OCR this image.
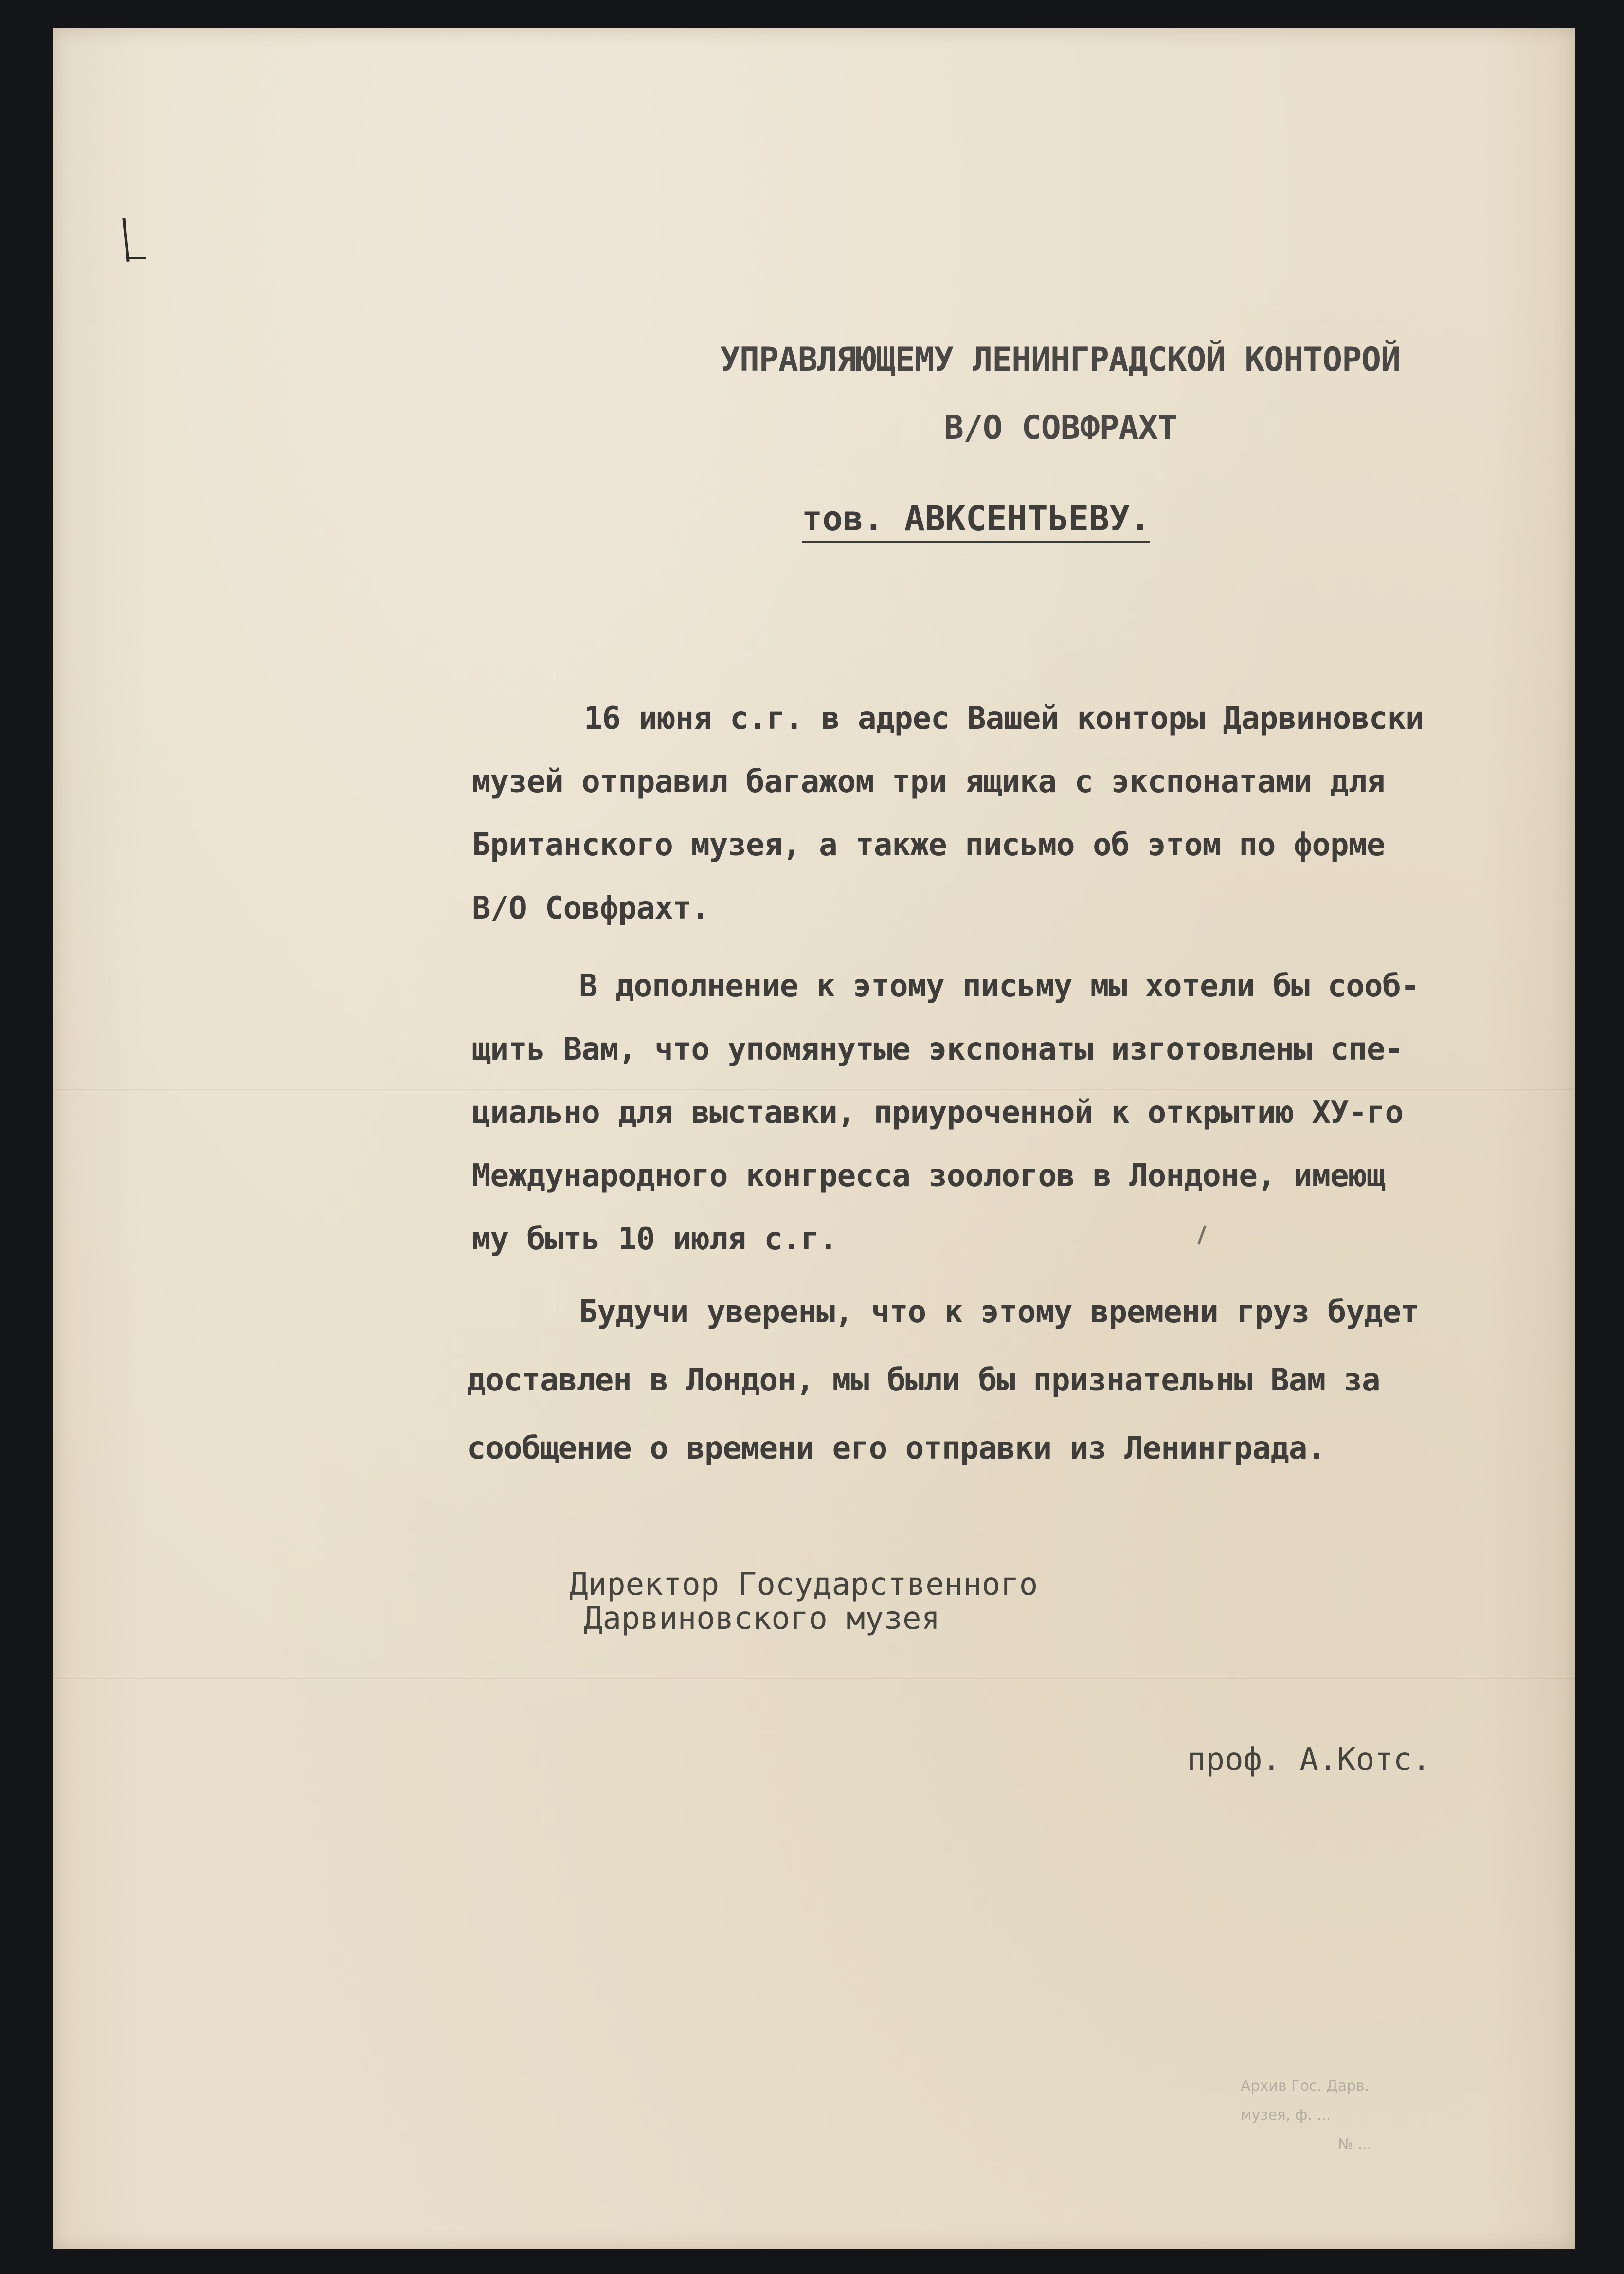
УПРАВЛЯЮЩЕМУ ЛЕНИНГРАДСКОЙ КОНТОРОЙ

В/О СОВФРАХТ

тов. АВКСЕНТЬЕВУ.

16 июня с.г. в адрес Вашей конторы Дарвиновски

музей отправил багажом три ящика с экспонатами для

Британского музея, а также письмо об этом по форме

В/О Совфрахт.

В дополнение к этому письму мы хотели бы сооб-

щить Вам, что упомянутые экспонаты изготовлены спе-

циально для выставки, приуроченной к открытию ХУ-го

Международного конгресса зоологов в Лондоне, имеющ

му быть 10 июля с.г.

Будучи уверены, что к этому времени груз будет

доставлен в Лондон, мы были бы признательны Вам за

сообщение о времени его отправки из Ленинграда.

Директор Государственного

Дарвиновского музея

проф. А.Котс.

Архив Гос. Дарв.
музея, ф. ...
№ ...
